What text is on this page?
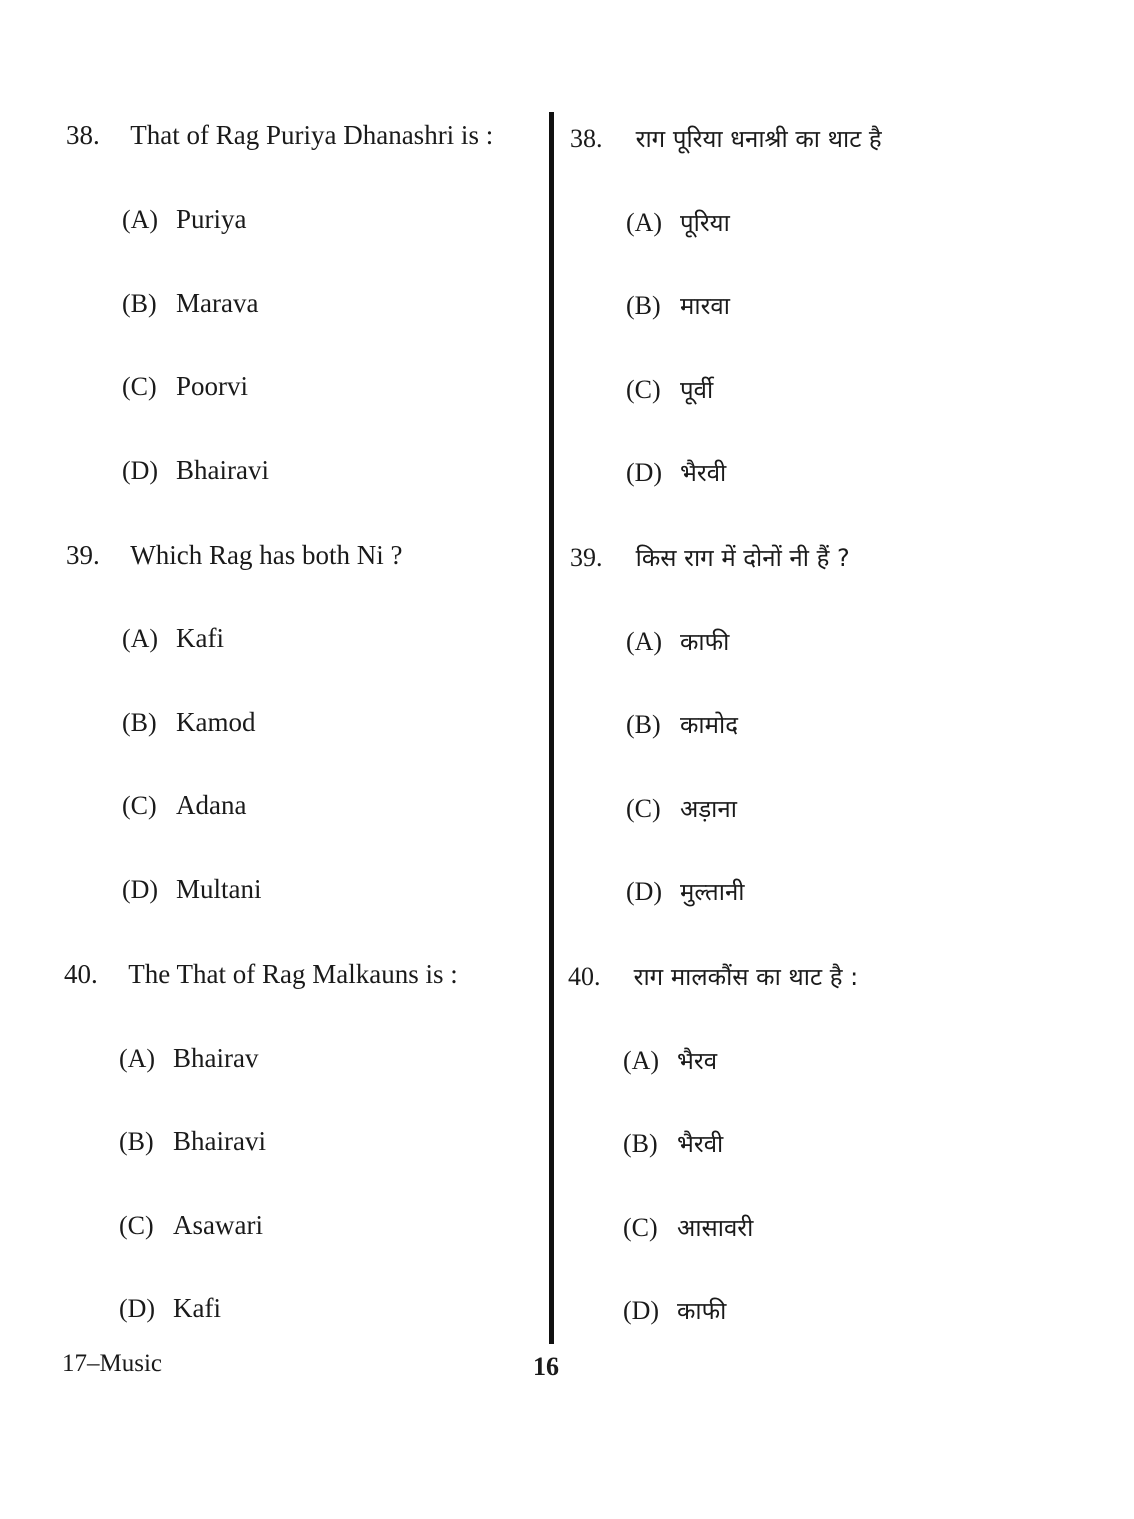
38. That of Rag Puriya Dhanashri is :
(A) Puriya
(B) Marava
(C) Poorvi
(D) Bhairavi
39. Which Rag has both Ni ?
(A) Kafi
(B) Kamod
(C) Adana
(D) Multani
40. The That of Rag Malkauns is :
(A) Bhairav
(B) Bhairavi
(C) Asawari
(D) Kafi
38. राग पूरिया धनाश्री का थाट है
(A) पूरिया
(B) मारवा
(C) पूर्वी
(D) भैरवी
39. किस राग में दोनों नी हैं ?
(A) काफी
(B) कामोद
(C) अड़ाना
(D) मुल्तानी
40. राग मालकौंस का थाट है :
(A) भैरव
(B) भैरवी
(C) आसावरी
(D) काफी
17–Music	16
